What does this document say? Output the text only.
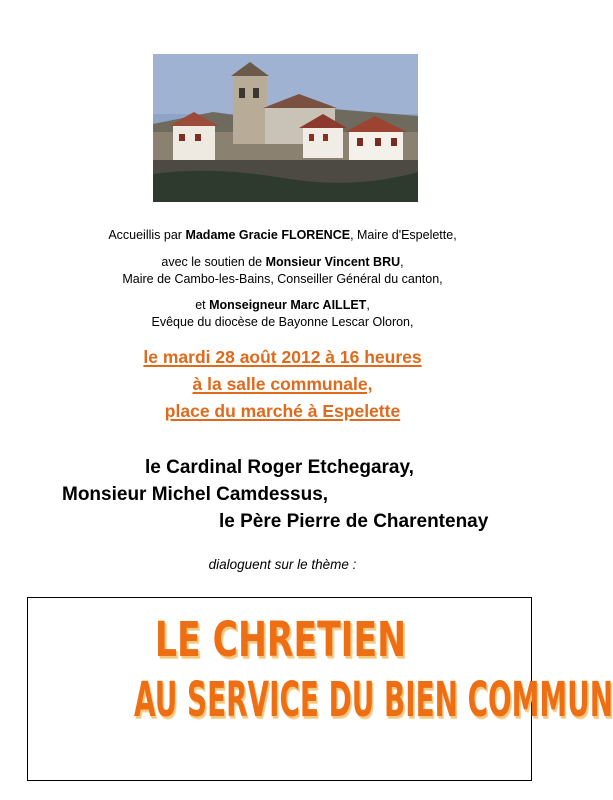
Accueillis par Madame Gracie FLORENCE, Maire d'Espelette,
avec le soutien de Monsieur Vincent BRU,
Maire de Cambo-les-Bains, Conseiller Général du canton,
et Monseigneur Marc AILLET,
Evêque du diocèse de Bayonne Lescar Oloron,
le mardi 28 août 2012 à 16 heures
à la salle communale,
place du marché à Espelette
le Cardinal Roger Etchegaray,
Monsieur Michel Camdessus,
le Père Pierre de Charentenay
dialoguent sur le thème :
LE CHRETIEN
AU SERVICE DU BIEN COMMUN
